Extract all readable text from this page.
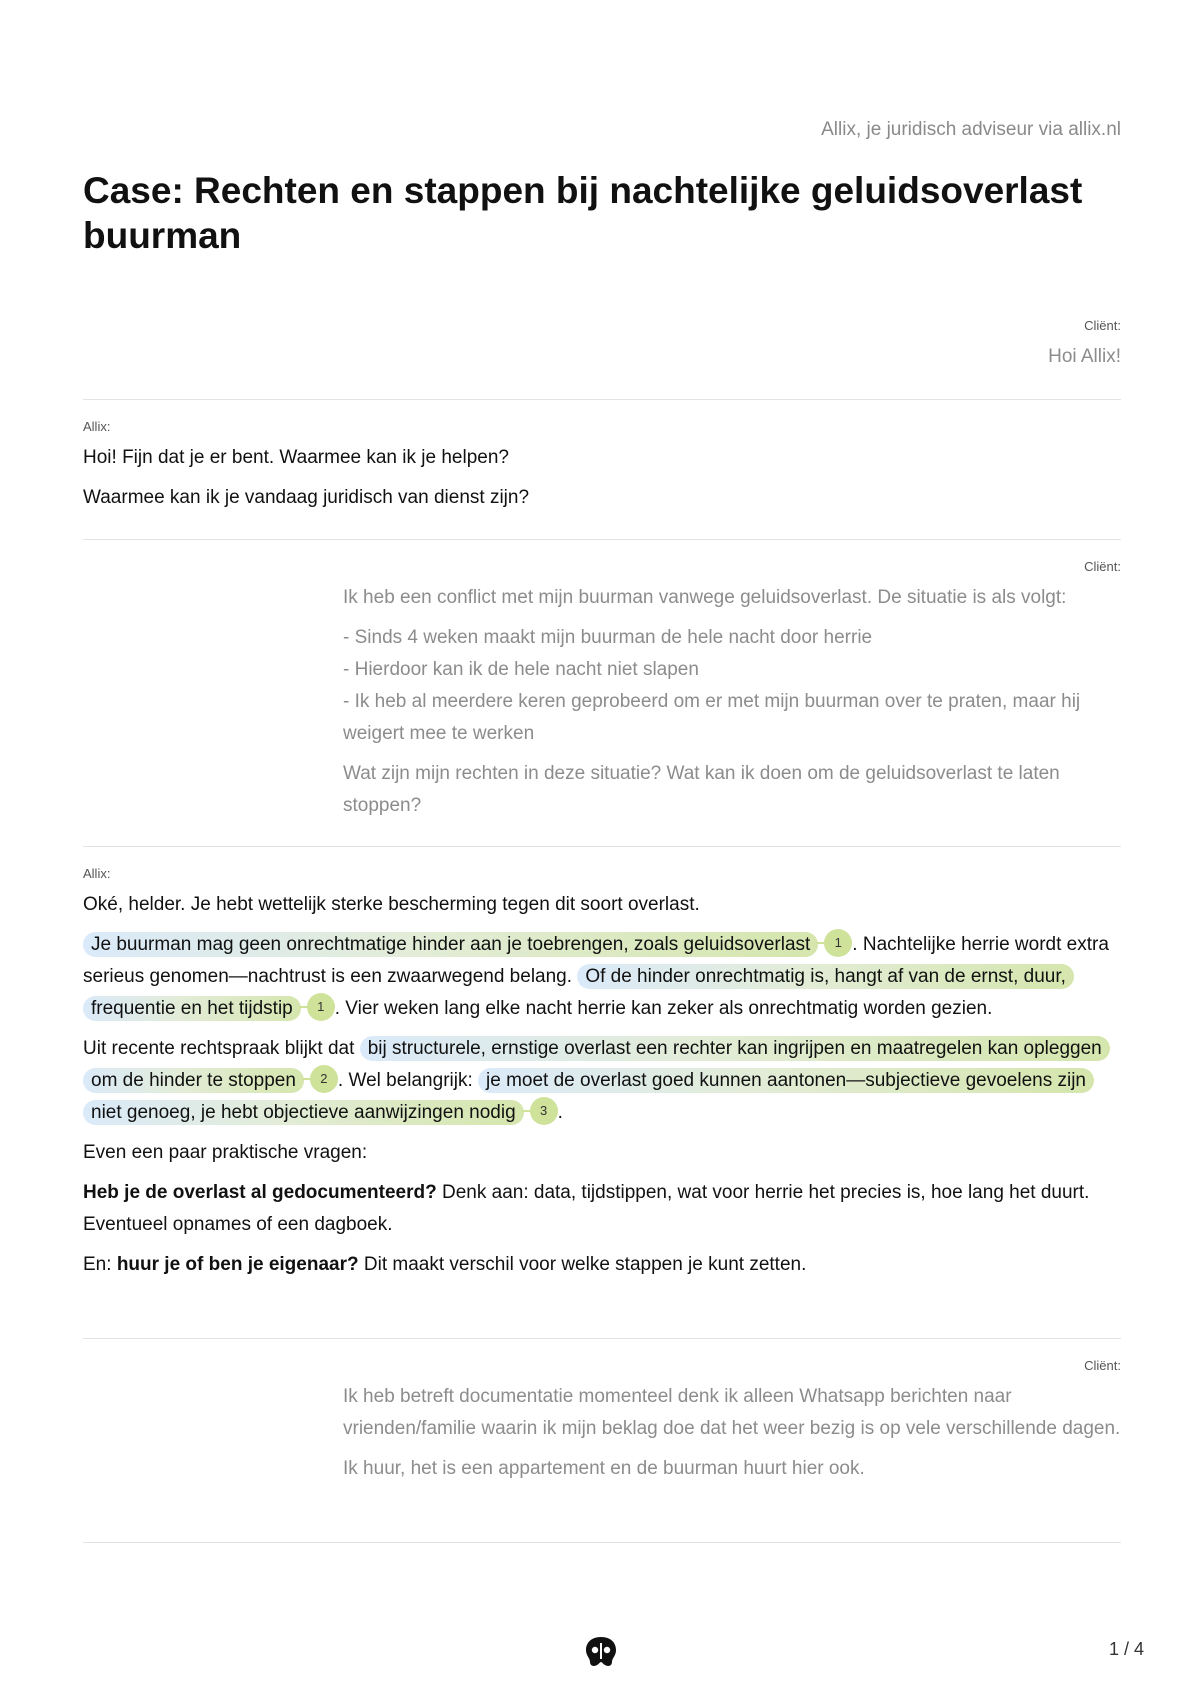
Allix, je juridisch adviseur via allix.nl
Case: Rechten en stappen bij nachtelijke geluidsoverlast buurman
Cliënt:
Hoi Allix!
Allix:

Hoi! Fijn dat je er bent. Waarmee kan ik je helpen?

Waarmee kan ik je vandaag juridisch van dienst zijn?

Cliënt:

Ik heb een conflict met mijn buurman vanwege geluidsoverlast. De situatie is als volgt:

- Sinds 4 weken maakt mijn buurman de hele nacht door herrie
- Hierdoor kan ik de hele nacht niet slapen
- Ik heb al meerdere keren geprobeerd om er met mijn buurman over te praten, maar hij weigert mee te werken

Wat zijn mijn rechten in deze situatie? Wat kan ik doen om de geluidsoverlast te laten stoppen?

Allix:

Oké, helder. Je hebt wettelijk sterke bescherming tegen dit soort overlast.

Je buurman mag geen onrechtmatige hinder aan je toebrengen, zoals geluidsoverlast 1 . Nachtelijke herrie wordt extra serieus genomen—nachtrust is een zwaarwegend belang. Of de hinder onrechtmatig is, hangt af van de ernst, duur, frequentie en het tijdstip 1 . Vier weken lang elke nacht herrie kan zeker als onrechtmatig worden gezien.

Uit recente rechtspraak blijkt dat bij structurele, ernstige overlast een rechter kan ingrijpen en maatregelen kan opleggen om de hinder te stoppen 2 . Wel belangrijk: je moet de overlast goed kunnen aantonen—subjectieve gevoelens zijn niet genoeg, je hebt objectieve aanwijzingen nodig 3 .

Even een paar praktische vragen:

Heb je de overlast al gedocumenteerd? Denk aan: data, tijdstippen, wat voor herrie het precies is, hoe lang het duurt. Eventueel opnames of een dagboek.

En: huur je of ben je eigenaar? Dit maakt verschil voor welke stappen je kunt zetten.

Cliënt:

Ik heb betreft documentatie momenteel denk ik alleen Whatsapp berichten naar vrienden/familie waarin ik mijn beklag doe dat het weer bezig is op vele verschillende dagen.

Ik huur, het is een appartement en de buurman huurt hier ook.

1 / 4
